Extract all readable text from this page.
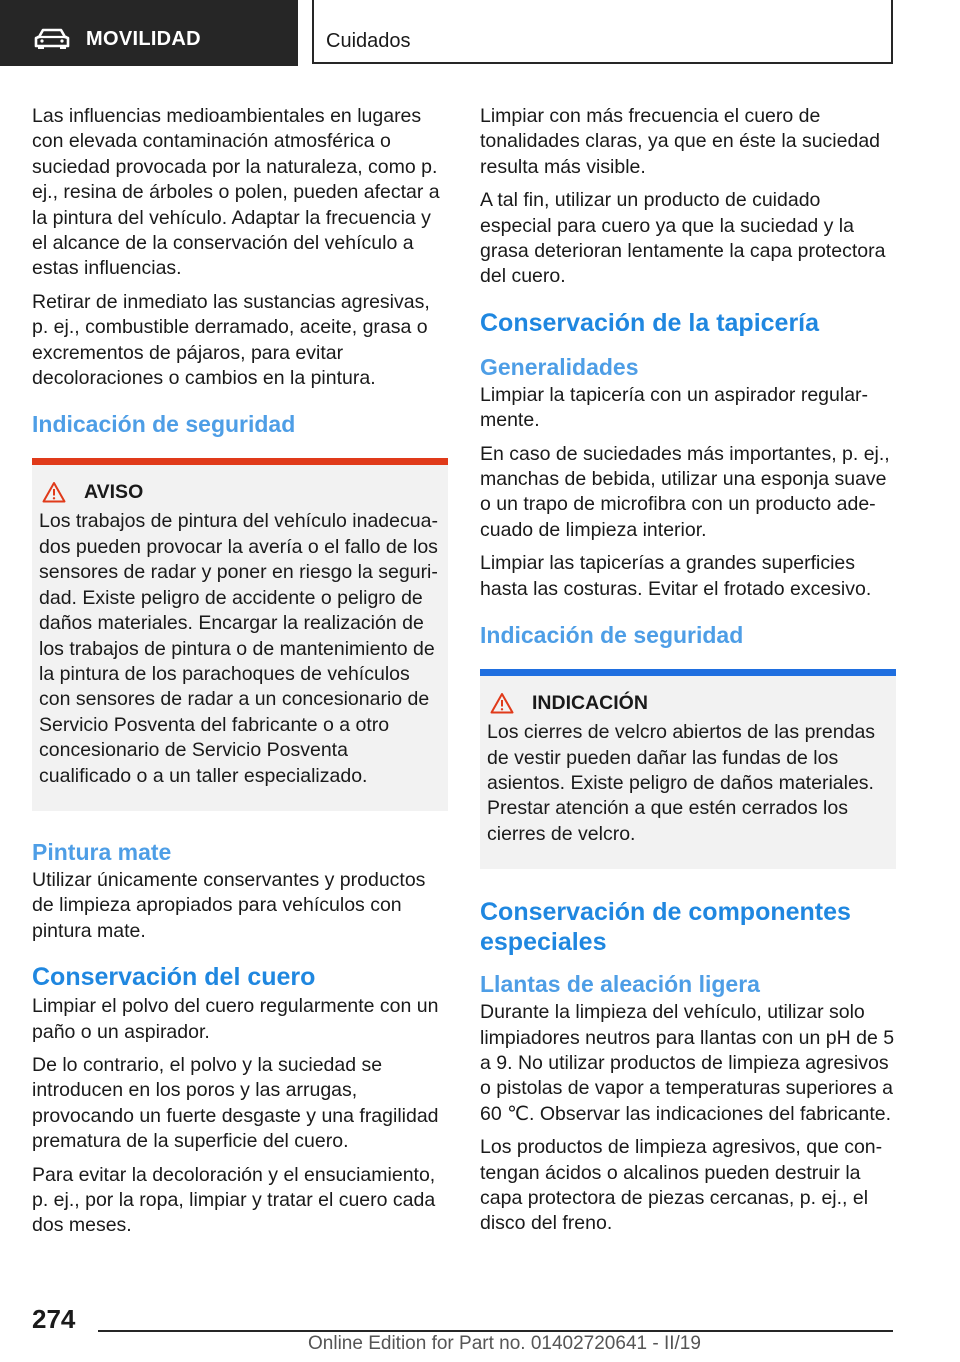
MOVILIDAD	Cuidados

Las influencias medioambientales en lugares con elevada contaminación atmosférica o suciedad provocada por la naturaleza, como p. ej., resina de árboles o polen, pueden afectar a la pintura del vehículo. Adaptar la frecuencia y el alcance de la conservación del vehículo a estas influencias.

Retirar de inmediato las sustancias agresivas, p. ej., combustible derramado, aceite, grasa o excrementos de pájaros, para evitar decoloraciones o cambios en la pintura.

Indicación de seguridad
AVISO

Los trabajos de pintura del vehículo inadecuados pueden provocar la avería o el fallo de los sensores de radar y poner en riesgo la seguridad. Existe peligro de accidente o peligro de daños materiales. Encargar la realización de los trabajos de pintura o de mantenimiento de la pintura de los parachoques de vehículos con sensores de radar a un concesionario de Servicio Posventa del fabricante o a otro concesionario de Servicio Posventa cualificado o a un taller especializado.

Pintura mate

Utilizar únicamente conservantes y productos de limpieza apropiados para vehículos con pintura mate.

Conservación del cuero

Limpiar el polvo del cuero regularmente con un paño o un aspirador.

De lo contrario, el polvo y la suciedad se introducen en los poros y las arrugas, provocando un fuerte desgaste y una fragilidad prematura de la superficie del cuero.

Para evitar la decoloración y el ensuciamiento, p. ej., por la ropa, limpiar y tratar el cuero cada dos meses.

Limpiar con más frecuencia el cuero de tonalidades claras, ya que en éste la suciedad resulta más visible.

A tal fin, utilizar un producto de cuidado especial para cuero ya que la suciedad y la grasa deterioran lentamente la capa protectora del cuero.

Conservación de la tapicería
Generalidades

Limpiar la tapicería con un aspirador regularmente.

En caso de suciedades más importantes, p. ej., manchas de bebida, utilizar una esponja suave o un trapo de microfibra con un producto adecuado de limpieza interior.

Limpiar las tapicerías a grandes superficies hasta las costuras. Evitar el frotado excesivo.

Indicación de seguridad
INDICACIÓN

Los cierres de velcro abiertos de las prendas de vestir pueden dañar las fundas de los asientos. Existe peligro de daños materiales. Prestar atención a que estén cerrados los cierres de velcro.

Conservación de componentes especiales
Llantas de aleación ligera

Durante la limpieza del vehículo, utilizar solo limpiadores neutros para llantas con un pH de 5 a 9. No utilizar productos de limpieza agresivos o pistolas de vapor a temperaturas superiores a 60 ℃. Observar las indicaciones del fabricante.

Los productos de limpieza agresivos, que contengan ácidos o alcalinos pueden destruir la capa protectora de piezas cercanas, p. ej., el disco del freno.

274
Online Edition for Part no. 01402720641 - II/19
